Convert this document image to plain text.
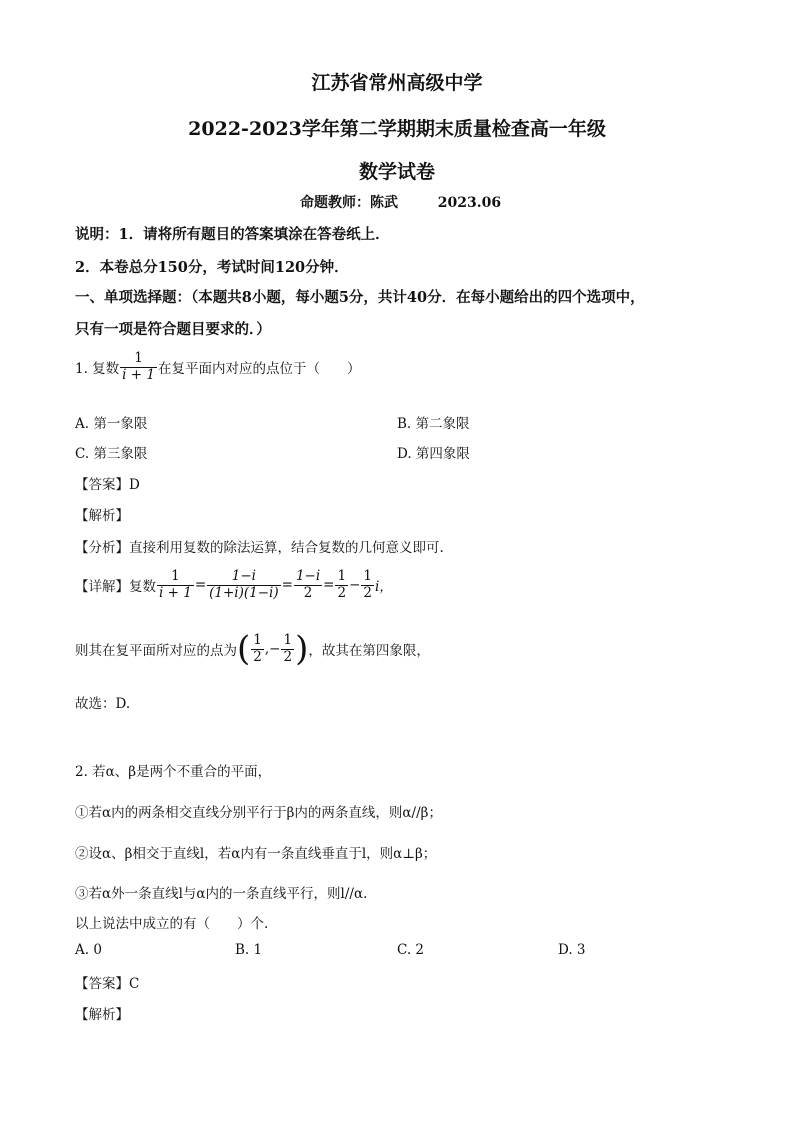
江苏省常州高级中学
2022-2023学年第二学期期末质量检查高一年级
数学试卷
命题教师：陈武	2023.06
说明：1．请将所有题目的答案填涂在答卷纸上．
2．本卷总分150分，考试时间120分钟．
一、单项选择题：（本题共8小题，每小题5分，共计40分．在每小题给出的四个选项中，
只有一项是符合题目要求的．）
1. 复数 $\frac{1}{i + 1}$ 在复平面内对应的点位于（　　）
A. 第一象限	B. 第二象限
C. 第三象限	D. 第四象限
【答案】D
【解析】
【分析】直接利用复数的除法运算，结合复数的几何意义即可.
【详解】复数 $\frac{1}{i + 1} = \frac{1-i}{(1+i)(1-i)} = \frac{1-i}{2} = \frac{1}{2} - \frac{1}{2}$ i，
则其在复平面所对应的点为( $\frac{1}{2}$ ,− $\frac{1}{2}$ )，故其在第四象限，
故选：D.
2. 若α、β是两个不重合的平面，
①若α内的两条相交直线分别平行于β内的两条直线，则α//β；
②设α、β相交于直线l，若α内有一条直线垂直于l，则α⊥β；
③若α外一条直线l与α内的一条直线平行，则l//α.
以上说法中成立的有（　　）个.
A. 0	B. 1	C. 2	D. 3
【答案】C
【解析】
